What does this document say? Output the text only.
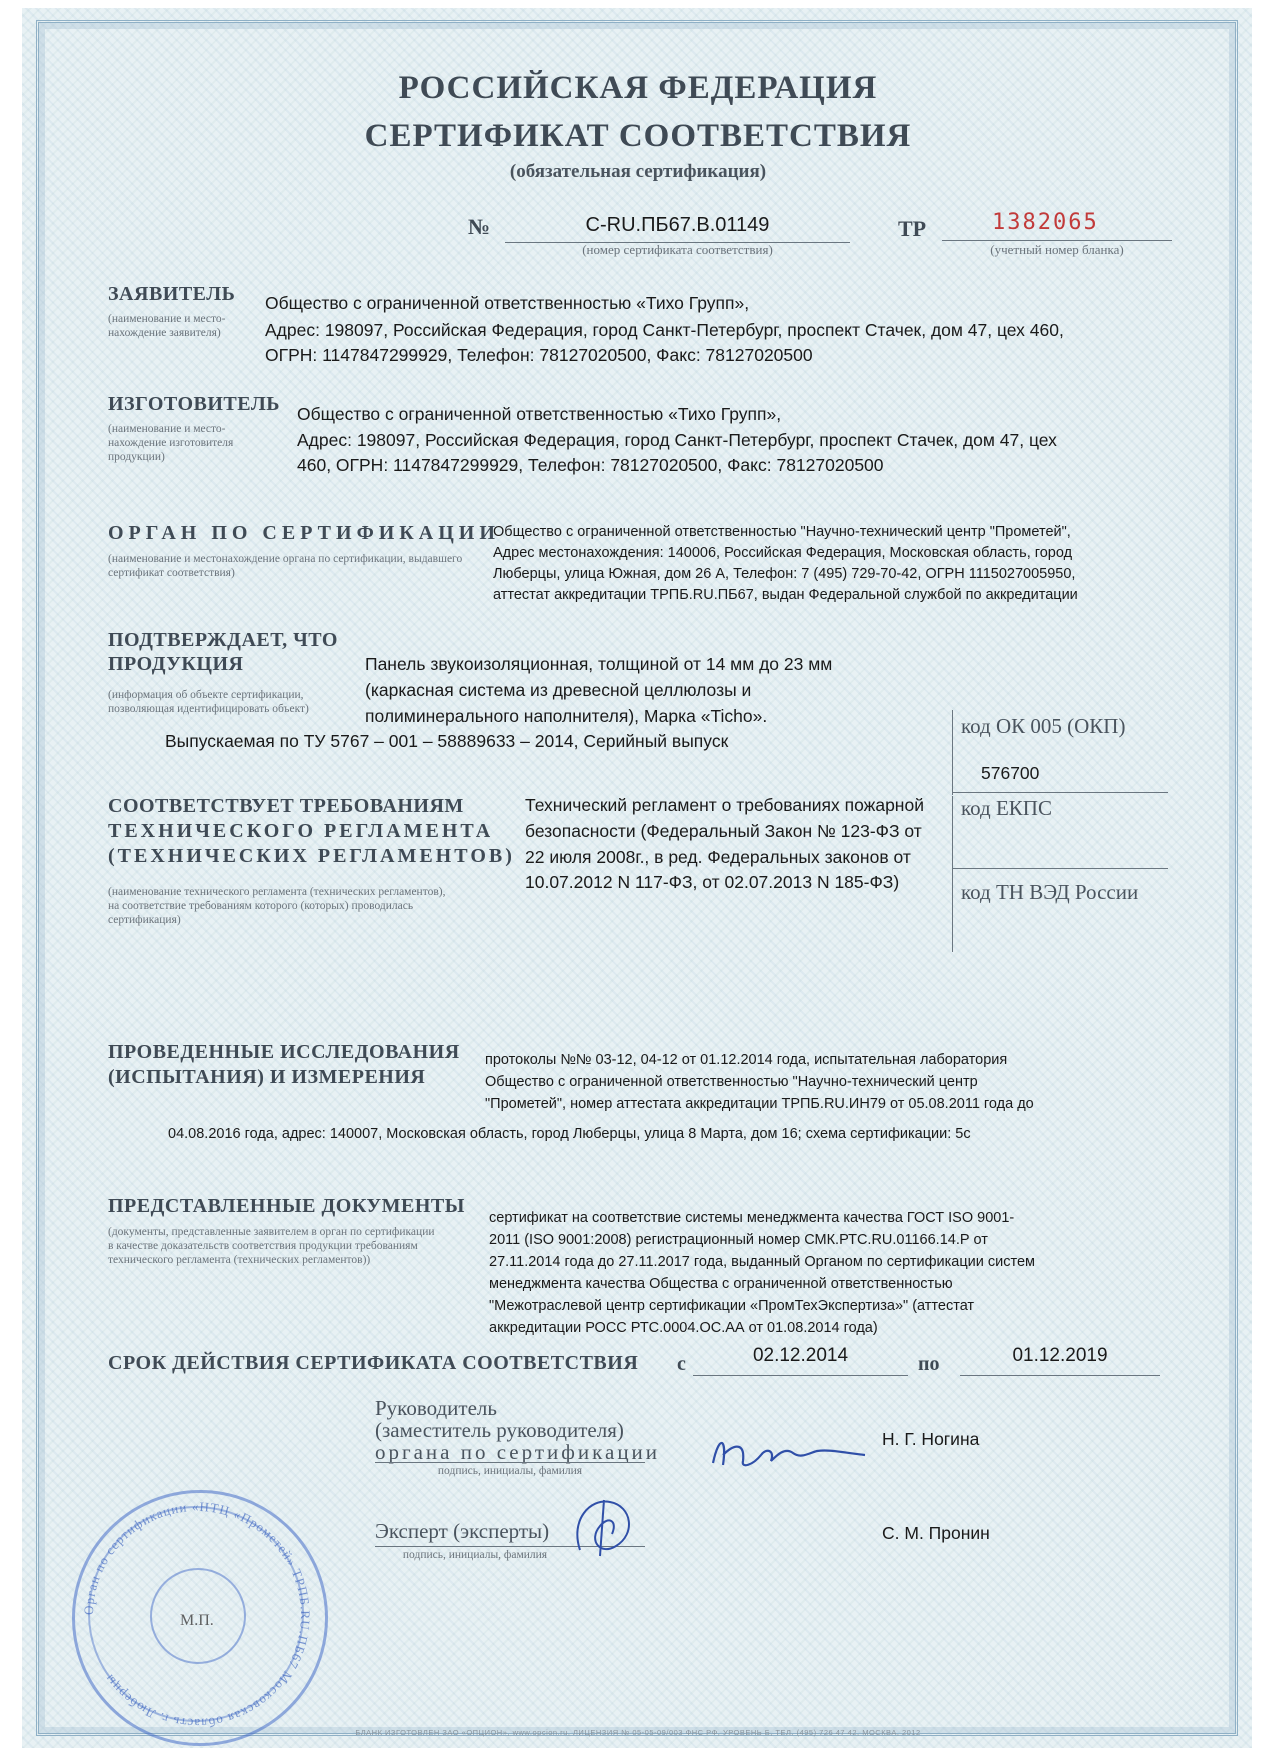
РОССИЙСКАЯ ФЕДЕРАЦИЯ
СЕРТИФИКАТ СООТВЕТСТВИЯ
(обязательная сертификация)
№	C-RU.ПБ67.B.01149
(номер сертификата соответствия)
ТР	1382065
(учетный номер бланка)
ЗАЯВИТЕЛЬ
(наименование и место-нахождение заявителя)
Общество с ограниченной ответственностью «Тихо Групп»,
Адрес: 198097, Российская Федерация, город Санкт-Петербург, проспект Стачек, дом 47, цех 460,
ОГРН: 1147847299929, Телефон: 78127020500, Факс: 78127020500
ИЗГОТОВИТЕЛЬ
(наименование и место-нахождение изготовителя продукции)
Общество с ограниченной ответственностью «Тихо Групп»,
Адрес: 198097, Российская Федерация, город Санкт-Петербург, проспект Стачек, дом 47, цех
460, ОГРН: 1147847299929, Телефон: 78127020500, Факс: 78127020500
ОРГАН ПО СЕРТИФИКАЦИИ
(наименование и местонахождение органа по сертификации, выдавшего сертификат соответствия)
Общество с ограниченной ответственностью "Научно-технический центр "Прометей",
Адрес местонахождения: 140006, Российская Федерация, Московская область, город
Люберцы, улица Южная, дом 26 А, Телефон: 7 (495) 729-70-42, ОГРН 1115027005950,
аттестат аккредитации ТРПБ.RU.ПБ67, выдан Федеральной службой по аккредитации
ПОДТВЕРЖДАЕТ, ЧТО
ПРОДУКЦИЯ
(информация об объекте сертификации, позволяющая идентифицировать объект)
Панель звукоизоляционная, толщиной от 14 мм до 23 мм
(каркасная система из древесной целлюлозы и
полиминерального наполнителя), Марка «Ticho».
Выпускаемая по ТУ 5767 – 001 – 58889633 – 2014, Серийный выпуск
код ОК 005 (ОКП)
576700
код ЕКПС
код ТН ВЭД России
СООТВЕТСТВУЕТ ТРЕБОВАНИЯМ
ТЕХНИЧЕСКОГО РЕГЛАМЕНТА
(ТЕХНИЧЕСКИХ РЕГЛАМЕНТОВ)
(наименование технического регламента (технических регламентов), на соответствие требованиям которого (которых) проводилась сертификация)
Технический регламент о требованиях пожарной
безопасности (Федеральный Закон № 123-ФЗ от
22 июля 2008г., в ред. Федеральных законов от
10.07.2012 N 117-ФЗ, от 02.07.2013 N 185-ФЗ)
ПРОВЕДЕННЫЕ ИССЛЕДОВАНИЯ
(ИСПЫТАНИЯ) И ИЗМЕРЕНИЯ
протоколы №№ 03-12, 04-12 от 01.12.2014 года, испытательная лаборатория
Общество с ограниченной ответственностью "Научно-технический центр
"Прометей", номер аттестата аккредитации ТРПБ.RU.ИН79 от 05.08.2011 года до
04.08.2016 года, адрес: 140007, Московская область, город Люберцы, улица 8 Марта, дом 16; схема сертификации: 5с
ПРЕДСТАВЛЕННЫЕ ДОКУМЕНТЫ
(документы, представленные заявителем в орган по сертификации в качестве доказательств соответствия продукции требованиям технического регламента (технических регламентов))
сертификат на соответствие системы менеджмента качества ГОСТ ISO 9001-
2011 (ISO 9001:2008) регистрационный номер СМК.РТС.RU.01166.14.Р от
27.11.2014 года до 27.11.2017 года, выданный Органом по сертификации систем
менеджмента качества Общества с ограниченной ответственностью
"Межотраслевой центр сертификации «ПромТехЭкспертиза»" (аттестат
аккредитации РОСС РТС.0004.ОС.АА от 01.08.2014 года)
СРОК ДЕЙСТВИЯ СЕРТИФИКАТА СООТВЕТСТВИЯ с	02.12.2014	по	01.12.2019
Руководитель
(заместитель руководителя)
органа по сертификации
подпись, инициалы, фамилия
Н. Г. Ногина
Эксперт (эксперты)
подпись, инициалы, фамилия
С. М. Пронин
Орган по сертификации «НТЦ «Прометей» ТРПБ.RU.ПБ67 Московская область г. Люберцы
М.П.
БЛАНК ИЗГОТОВЛЕН ЗАО «ОПЦИОН», www.opcion.ru, ЛИЦЕНЗИЯ № 05-05-09/003 ФНС РФ, УРОВЕНЬ Б, ТЕЛ. (495) 726 47 42, МОСКВА, 2012
